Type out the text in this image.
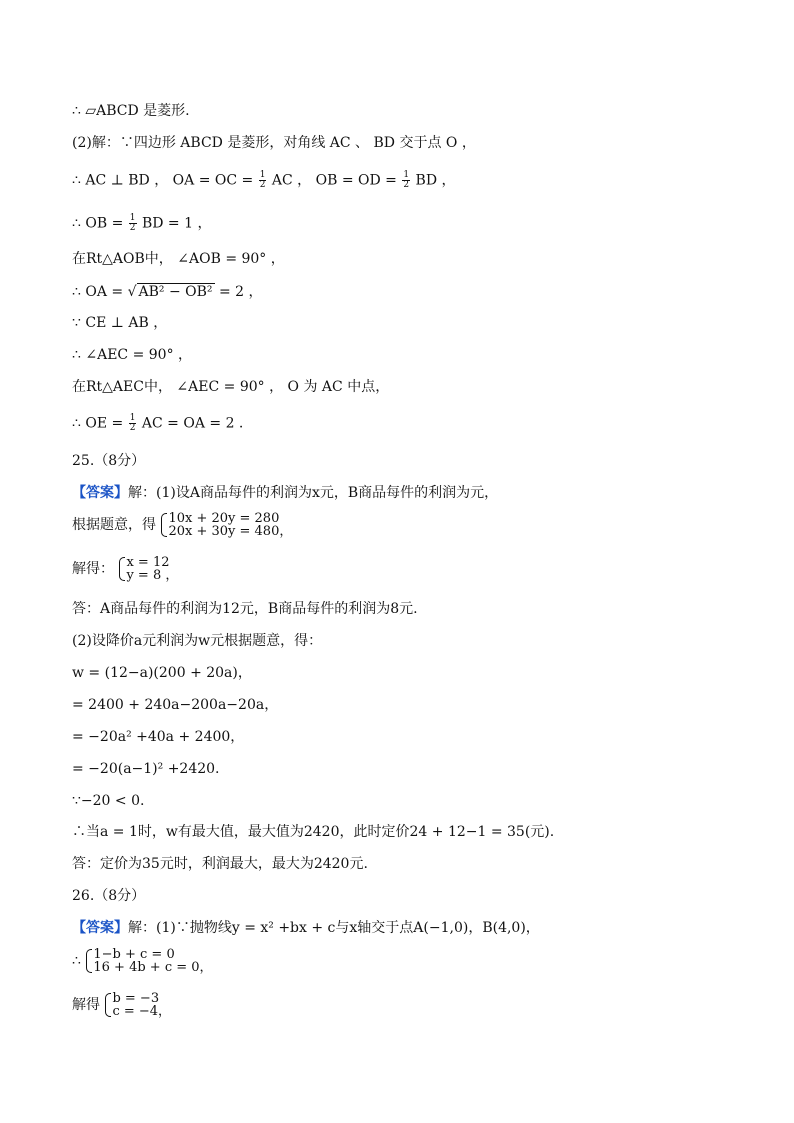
∴ ▱ABCD 是菱形.
(2)解：∵四边形 ABCD 是菱形，对角线 AC 、 BD 交于点 O ，
∴ AC ⊥ BD ， OA = OC = $\frac{1}{2}$ AC ， OB = OD = $\frac{1}{2}$ BD ，
∴ OB = $\frac{1}{2}$ BD = 1 ，
在Rt△AOB中， ∠AOB = 90° ，
∴ OA = √ AB² − OB² = 2 ，
∵ CE ⊥ AB ，
∴ ∠AEC = 90° ，
在Rt△AEC中， ∠AEC = 90° ， O 为 AC 中点，
∴ OE = $\frac{1}{2}$ AC = OA = 2 .
25.（8分）
【答案】解：(1)设A商品每件的利润为x元，B商品每件的利润为元，
根据题意，得 10x + 20y = 280
20x + 30y = 480，
解得： x = 12
y = 8 ，
答：A商品每件的利润为12元，B商品每件的利润为8元.
(2)设降价a元利润为w元根据题意，得：
w = (12−a)(200 + 20a)，
= 2400 + 240a−200a−20a，
= −20a² +40a + 2400，
= −20(a−1)² +2420.
∵−20 < 0.
∴当a = 1时，w有最大值，最大值为2420，此时定价24 + 12−1 = 35(元).
答：定价为35元时，利润最大，最大为2420元.
26.（8分）
【答案】解：(1)∵抛物线y = x² +bx + c与x轴交于点A(−1,0)，B(4,0)，
∴ 1−b + c = 0
16 + 4b + c = 0，
解得 b = −3
c = −4，
